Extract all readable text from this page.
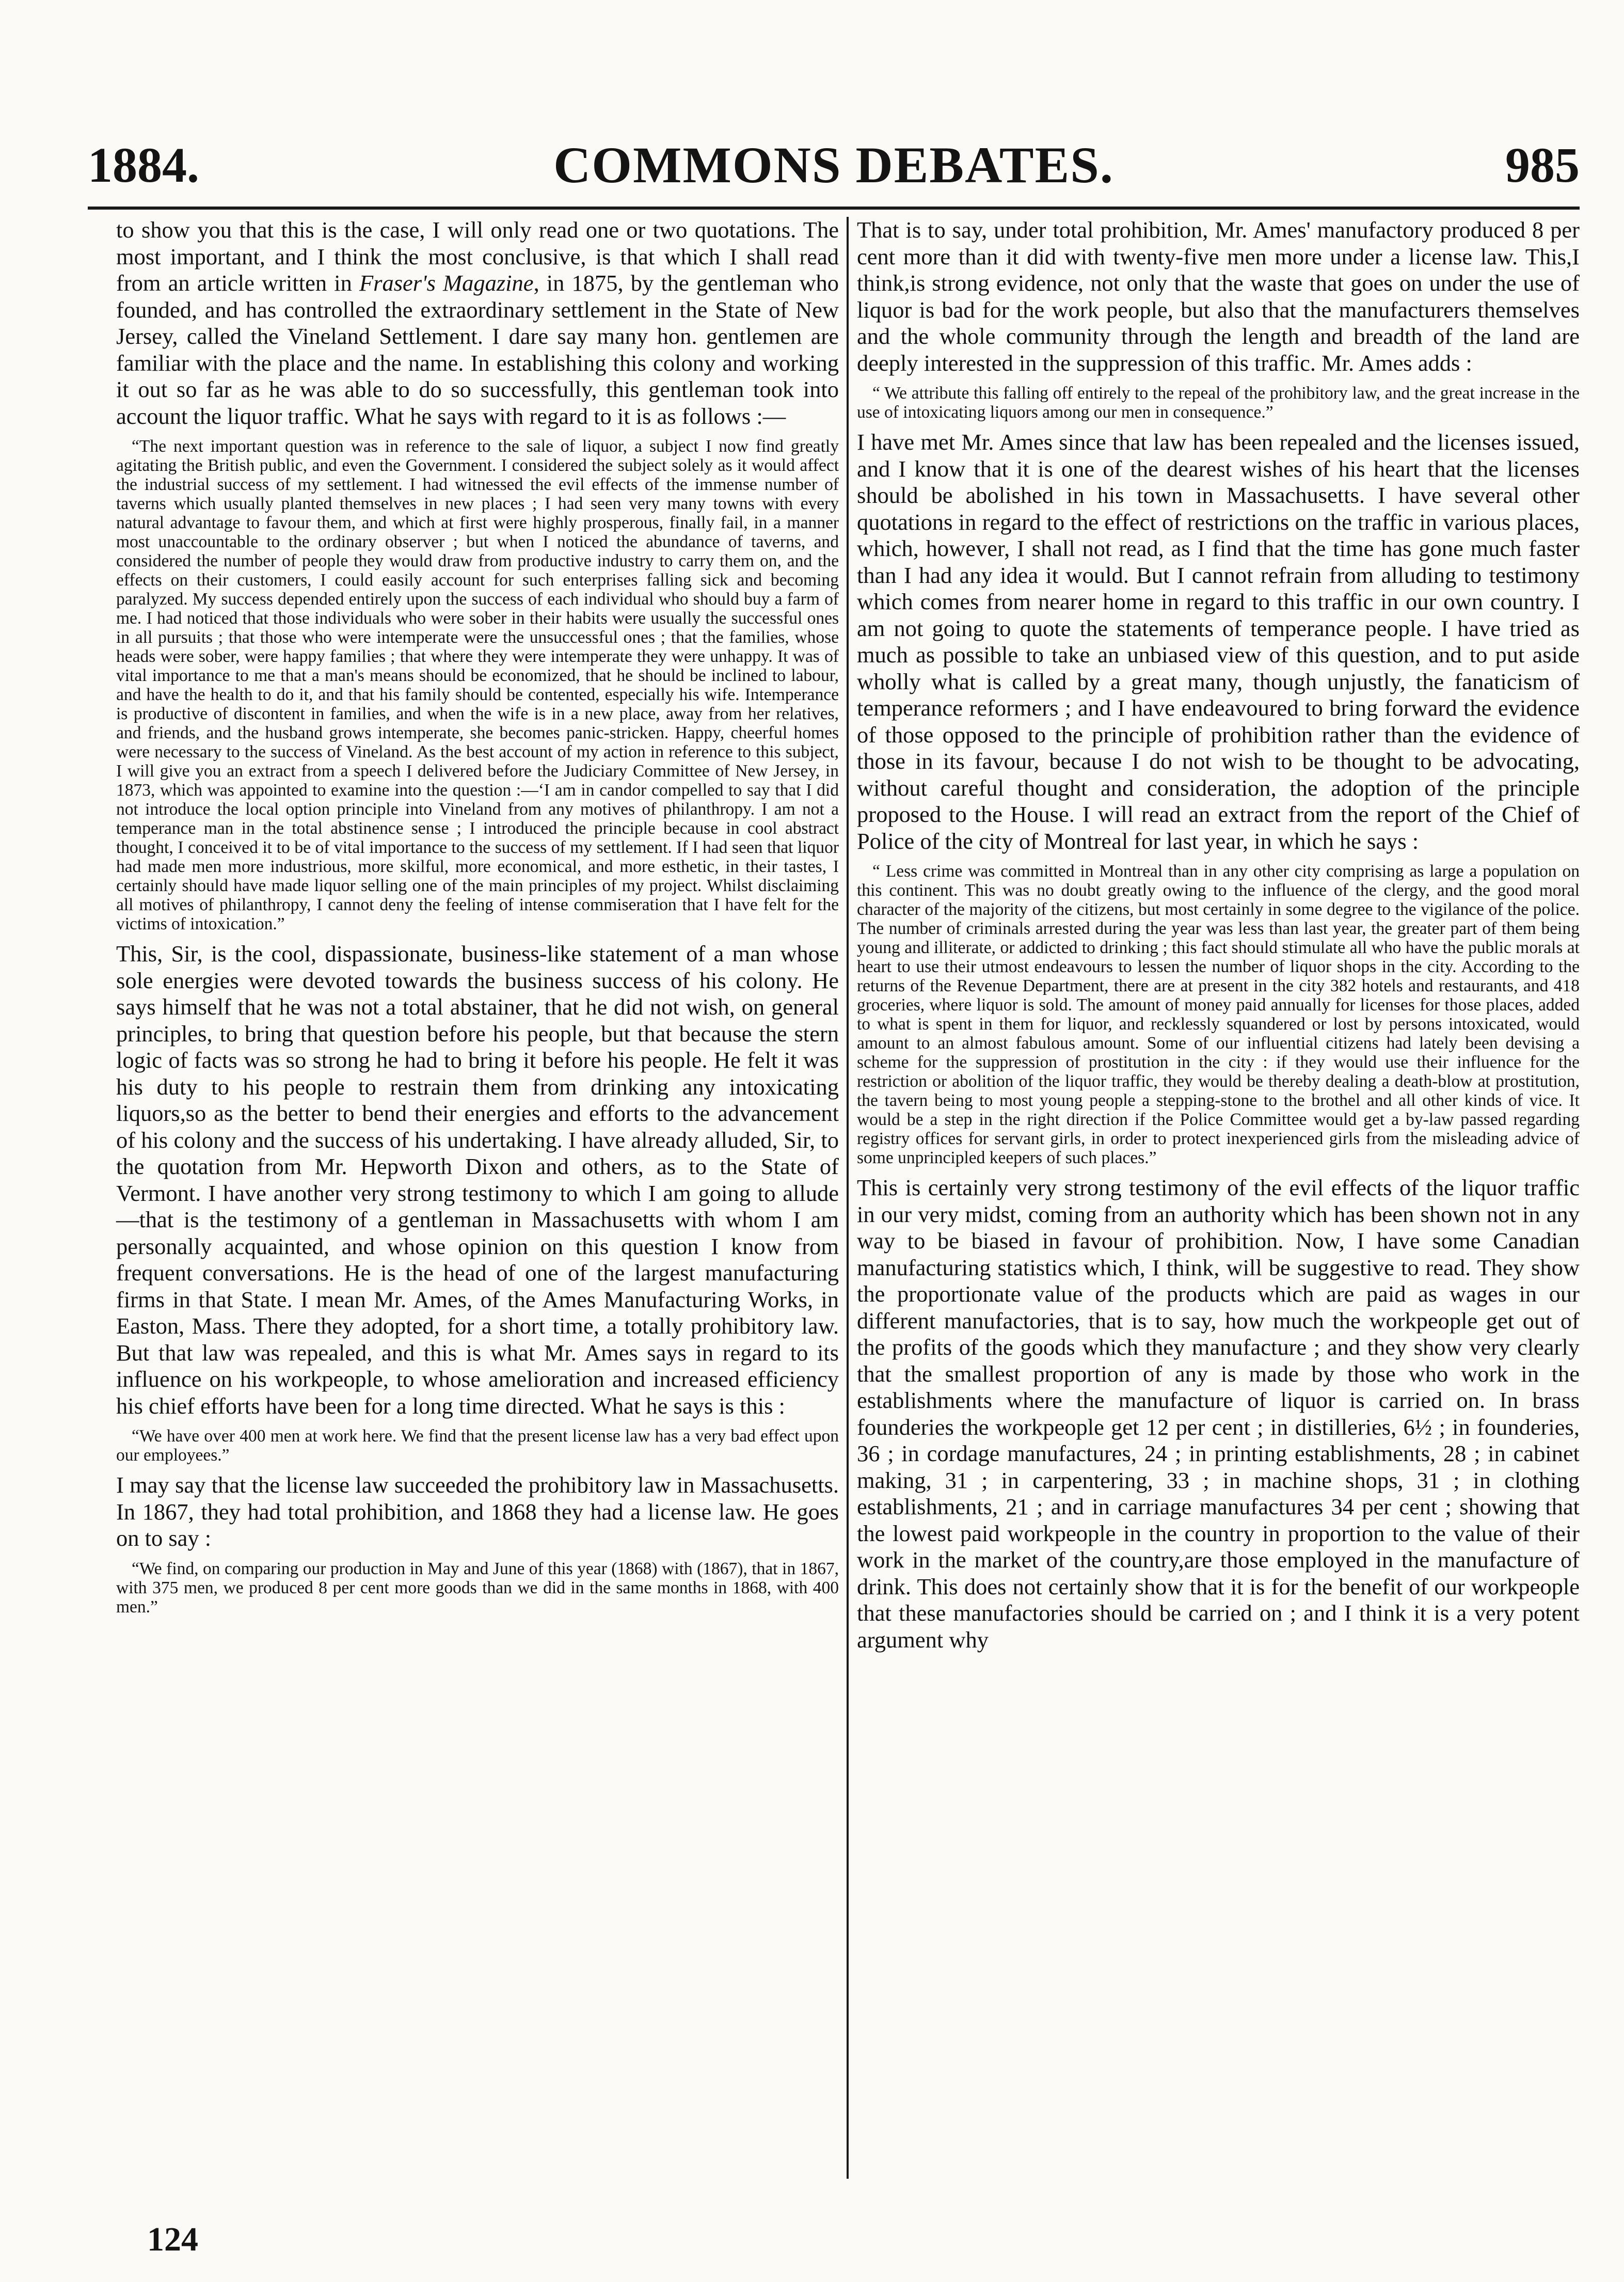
1884.	COMMONS DEBATES.	985

to show you that this is the case, I will only read one or two quotations. The most important, and I think the most conclusive, is that which I shall read from an article written in Fraser's Magazine, in 1875, by the gentleman who founded, and has controlled the extraordinary settlement in the State of New Jersey, called the Vineland Settlement. I dare say many hon. gentlemen are familiar with the place and the name. In establishing this colony and working it out so far as he was able to do so successfully, this gentleman took into account the liquor traffic. What he says with regard to it is as follows :—

“The next important question was in reference to the sale of liquor, a subject I now find greatly agitating the British public, and even the Government. I considered the subject solely as it would affect the industrial success of my settlement. I had witnessed the evil effects of the immense number of taverns which usually planted themselves in new places ; I had seen very many towns with every natural advantage to favour them, and which at first were highly prosperous, finally fail, in a manner most unaccountable to the ordinary observer ; but when I noticed the abundance of taverns, and considered the number of people they would draw from productive industry to carry them on, and the effects on their customers, I could easily account for such enterprises falling sick and becoming paralyzed. My success depended entirely upon the success of each individual who should buy a farm of me. I had noticed that those individuals who were sober in their habits were usually the successful ones in all pursuits ; that those who were intemperate were the unsuccessful ones ; that the families, whose heads were sober, were happy families ; that where they were intemperate they were unhappy. It was of vital importance to me that a man's means should be economized, that he should be inclined to labour, and have the health to do it, and that his family should be contented, especially his wife. Intemperance is productive of discontent in families, and when the wife is in a new place, away from her relatives, and friends, and the husband grows intemperate, she becomes panic-stricken. Happy, cheerful homes were necessary to the success of Vineland. As the best account of my action in reference to this subject, I will give you an extract from a speech I delivered before the Judiciary Committee of New Jersey, in 1873, which was appointed to examine into the question :—‘I am in candor compelled to say that I did not introduce the local option principle into Vineland from any motives of philanthropy. I am not a temperance man in the total abstinence sense ; I introduced the principle because in cool abstract thought, I conceived it to be of vital importance to the success of my settlement. If I had seen that liquor had made men more industrious, more skilful, more economical, and more esthetic, in their tastes, I certainly should have made liquor selling one of the main principles of my project. Whilst disclaiming all motives of philanthropy, I cannot deny the feeling of intense commiseration that I have felt for the victims of intoxication.”

This, Sir, is the cool, dispassionate, business-like statement of a man whose sole energies were devoted towards the business success of his colony. He says himself that he was not a total abstainer, that he did not wish, on general principles, to bring that question before his people, but that because the stern logic of facts was so strong he had to bring it before his people. He felt it was his duty to his people to restrain them from drinking any intoxicating liquors,so as the better to bend their energies and efforts to the advancement of his colony and the success of his undertaking. I have already alluded, Sir, to the quotation from Mr. Hepworth Dixon and others, as to the State of Vermont. I have another very strong testimony to which I am going to allude —that is the testimony of a gentleman in Massachusetts with whom I am personally acquainted, and whose opinion on this question I know from frequent conversations. He is the head of one of the largest manufacturing firms in that State. I mean Mr. Ames, of the Ames Manufacturing Works, in Easton, Mass. There they adopted, for a short time, a totally prohibitory law. But that law was repealed, and this is what Mr. Ames says in regard to its influence on his workpeople, to whose amelioration and increased efficiency his chief efforts have been for a long time directed. What he says is this :

“We have over 400 men at work here. We find that the present license law has a very bad effect upon our employees.”

I may say that the license law succeeded the prohibitory law in Massachusetts. In 1867, they had total prohibition, and 1868 they had a license law. He goes on to say :

“We find, on comparing our production in May and June of this year (1868) with (1867), that in 1867, with 375 men, we produced 8 per cent more goods than we did in the same months in 1868, with 400 men.”

That is to say, under total prohibition, Mr. Ames' manufactory produced 8 per cent more than it did with twenty-five men more under a license law. This,I think,is strong evidence, not only that the waste that goes on under the use of liquor is bad for the work people, but also that the manufacturers themselves and the whole community through the length and breadth of the land are deeply interested in the suppression of this traffic. Mr. Ames adds :

“ We attribute this falling off entirely to the repeal of the prohibitory law, and the great increase in the use of intoxicating liquors among our men in consequence.”

I have met Mr. Ames since that law has been repealed and the licenses issued, and I know that it is one of the dearest wishes of his heart that the licenses should be abolished in his town in Massachusetts. I have several other quotations in regard to the effect of restrictions on the traffic in various places, which, however, I shall not read, as I find that the time has gone much faster than I had any idea it would. But I cannot refrain from alluding to testimony which comes from nearer home in regard to this traffic in our own country. I am not going to quote the statements of temperance people. I have tried as much as possible to take an unbiased view of this question, and to put aside wholly what is called by a great many, though unjustly, the fanaticism of temperance reformers ; and I have endeavoured to bring forward the evidence of those opposed to the principle of prohibition rather than the evidence of those in its favour, because I do not wish to be thought to be advocating, without careful thought and consideration, the adoption of the principle proposed to the House. I will read an extract from the report of the Chief of Police of the city of Montreal for last year, in which he says :

“ Less crime was committed in Montreal than in any other city comprising as large a population on this continent. This was no doubt greatly owing to the influence of the clergy, and the good moral character of the majority of the citizens, but most certainly in some degree to the vigilance of the police. The number of criminals arrested during the year was less than last year, the greater part of them being young and illiterate, or addicted to drinking ; this fact should stimulate all who have the public morals at heart to use their utmost endeavours to lessen the number of liquor shops in the city. According to the returns of the Revenue Department, there are at present in the city 382 hotels and restaurants, and 418 groceries, where liquor is sold. The amount of money paid annually for licenses for those places, added to what is spent in them for liquor, and recklessly squandered or lost by persons intoxicated, would amount to an almost fabulous amount. Some of our influential citizens had lately been devising a scheme for the suppression of prostitution in the city : if they would use their influence for the restriction or abolition of the liquor traffic, they would be thereby dealing a death-blow at prostitution, the tavern being to most young people a stepping-stone to the brothel and all other kinds of vice. It would be a step in the right direction if the Police Committee would get a by-law passed regarding registry offices for servant girls, in order to protect inexperienced girls from the misleading advice of some unprincipled keepers of such places.”

This is certainly very strong testimony of the evil effects of the liquor traffic in our very midst, coming from an authority which has been shown not in any way to be biased in favour of prohibition. Now, I have some Canadian manufacturing statistics which, I think, will be suggestive to read. They show the proportionate value of the products which are paid as wages in our different manufactories, that is to say, how much the workpeople get out of the profits of the goods which they manufacture ; and they show very clearly that the smallest proportion of any is made by those who work in the establishments where the manufacture of liquor is carried on. In brass founderies the workpeople get 12 per cent ; in distilleries, 6½ ; in founderies, 36 ; in cordage manufactures, 24 ; in printing establishments, 28 ; in cabinet making, 31 ; in carpentering, 33 ; in machine shops, 31 ; in clothing establishments, 21 ; and in carriage manufactures 34 per cent ; showing that the lowest paid workpeople in the country in proportion to the value of their work in the market of the country,are those employed in the manufacture of drink. This does not certainly show that it is for the benefit of our workpeople that these manufactories should be carried on ; and I think it is a very potent argument why

124
